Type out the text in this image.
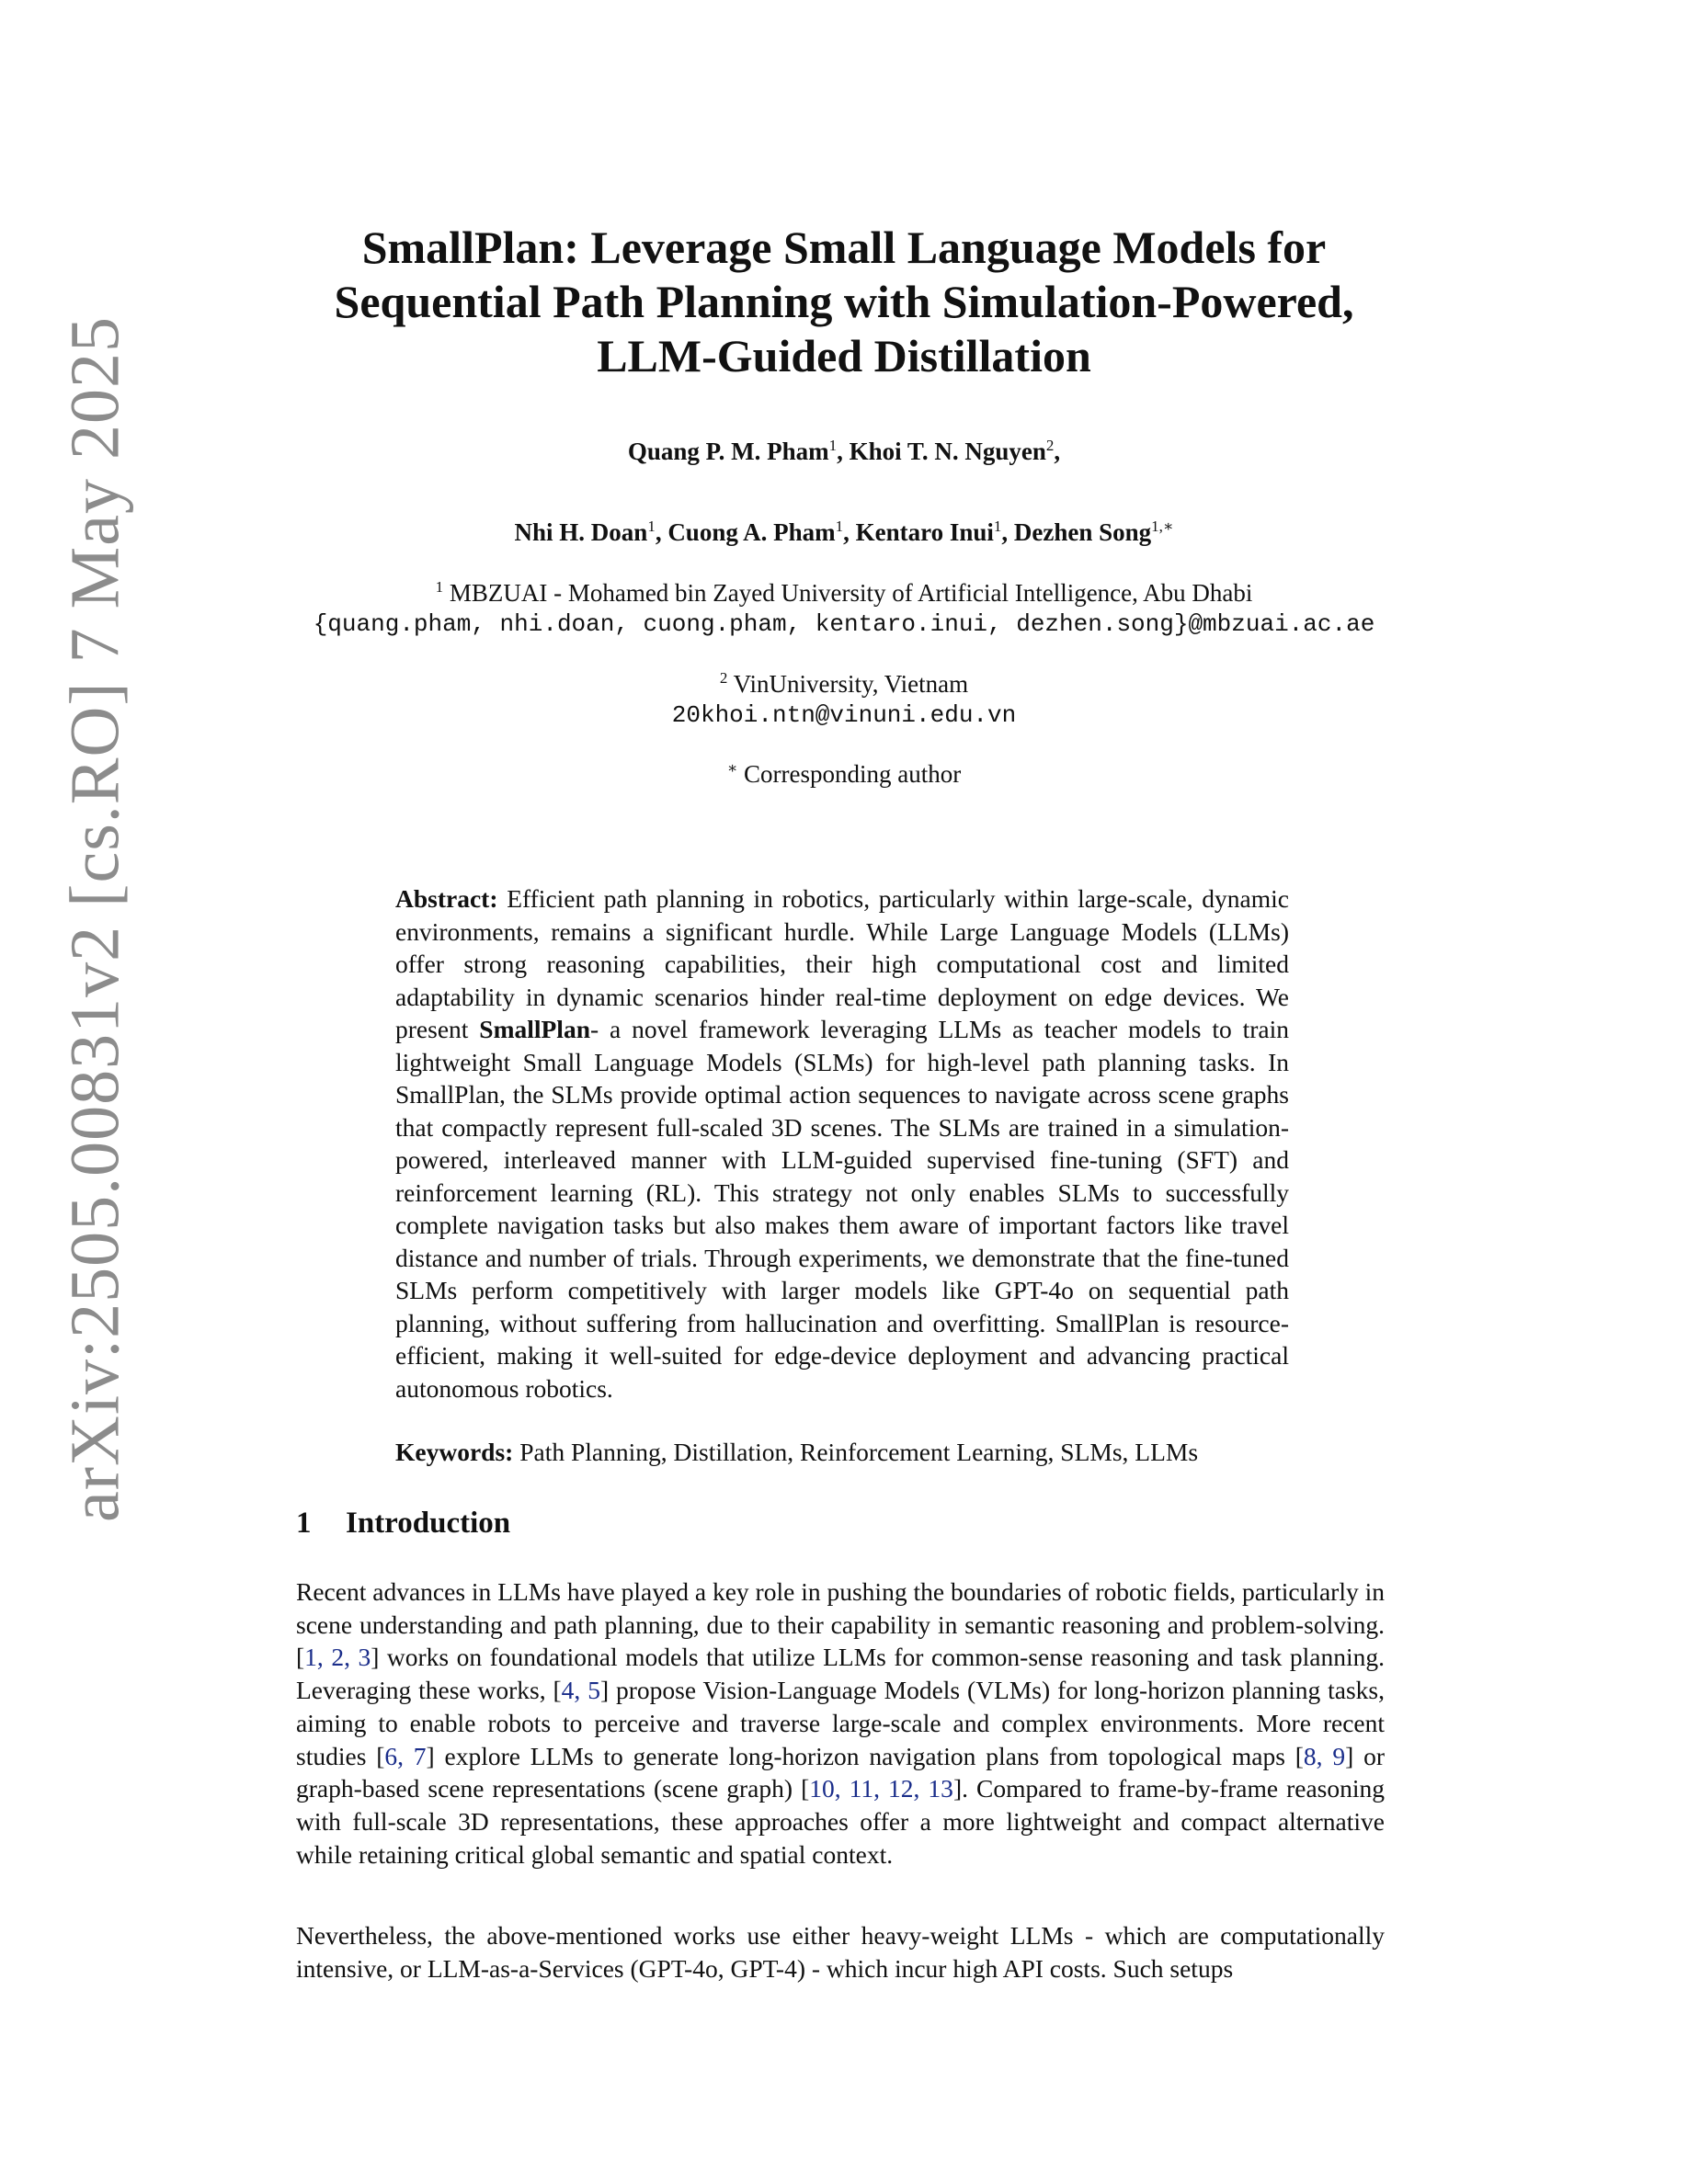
arXiv:2505.00831v2 [cs.RO] 7 May 2025
SmallPlan: Leverage Small Language Models for
Sequential Path Planning with Simulation-Powered,
LLM-Guided Distillation

Quang P. M. Pham$^1$, Khoi T. N. Nguyen$^2$,

Nhi H. Doan$^1$, Cuong A. Pham$^1$, Kentaro Inui$^1$, Dezhen Song$^{1,∗}$

$^1$ MBZUAI - Mohamed bin Zayed University of Artificial Intelligence, Abu Dhabi
{quang.pham, nhi.doan, cuong.pham, kentaro.inui, dezhen.song}@mbzuai.ac.ae
$^2$ VinUniversity, Vietnam
20khoi.ntn@vinuni.edu.vn
∗ Corresponding author

Abstract: Efficient path planning in robotics, particularly within large-scale, dynamic environments, remains a significant hurdle. While Large Language Models (LLMs) offer strong reasoning capabilities, their high computational cost and limited adaptability in dynamic scenarios hinder real-time deployment on edge devices. We present SmallPlan- a novel framework leveraging LLMs as teacher models to train lightweight Small Language Models (SLMs) for high-level path planning tasks. In SmallPlan, the SLMs provide optimal action sequences to navigate across scene graphs that compactly represent full-scaled 3D scenes. The SLMs are trained in a simulation-powered, interleaved manner with LLM-guided supervised fine-tuning (SFT) and reinforcement learning (RL). This strategy not only enables SLMs to successfully complete navigation tasks but also makes them aware of important factors like travel distance and number of trials. Through experiments, we demonstrate that the fine-tuned SLMs perform competitively with larger models like GPT-4o on sequential path planning, without suffering from hallucination and overfitting. SmallPlan is resource-efficient, making it well-suited for edge-device deployment and advancing practical autonomous robotics.

Keywords: Path Planning, Distillation, Reinforcement Learning, SLMs, LLMs
1 Introduction

Recent advances in LLMs have played a key role in pushing the boundaries of robotic fields, particularly in scene understanding and path planning, due to their capability in semantic reasoning and problem-solving. [1, 2, 3] works on foundational models that utilize LLMs for common-sense reasoning and task planning. Leveraging these works, [4, 5] propose Vision-Language Models (VLMs) for long-horizon planning tasks, aiming to enable robots to perceive and traverse large-scale and complex environments. More recent studies [6, 7] explore LLMs to generate long-horizon navigation plans from topological maps [8, 9] or graph-based scene representations (scene graph) [10, 11, 12, 13]. Compared to frame-by-frame reasoning with full-scale 3D representations, these approaches offer a more lightweight and compact alternative while retaining critical global semantic and spatial context.

Nevertheless, the above-mentioned works use either heavy-weight LLMs - which are computationally intensive, or LLM-as-a-Services (GPT-4o, GPT-4) - which incur high API costs. Such setups
